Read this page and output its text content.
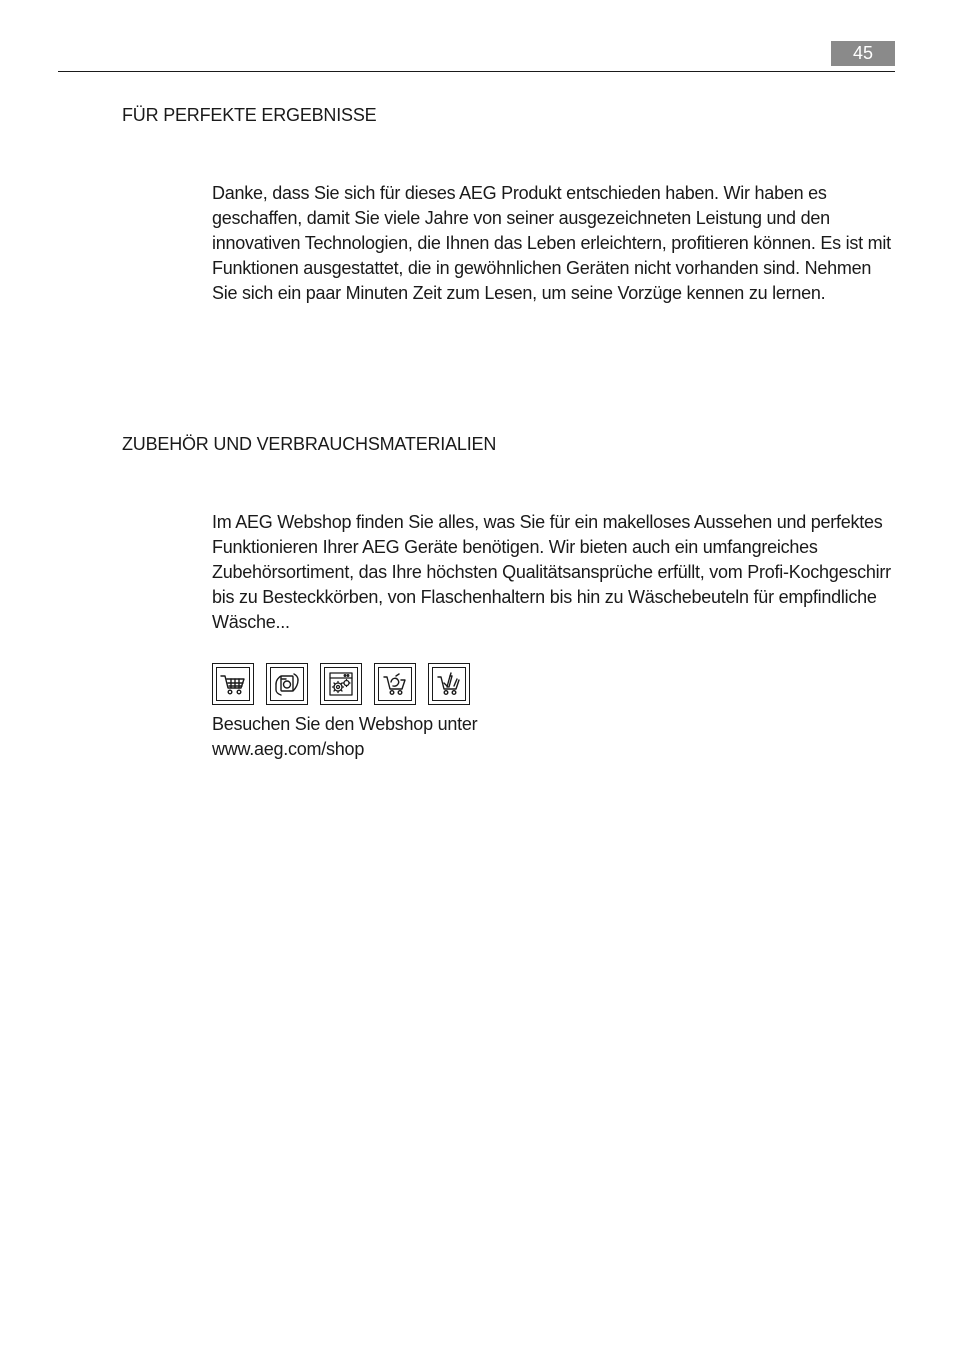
45
FÜR PERFEKTE ERGEBNISSE

Danke, dass Sie sich für dieses AEG Produkt entschieden haben. Wir haben es geschaffen, damit Sie viele Jahre von seiner ausgezeichneten Leistung und den innovativen Technologien, die Ihnen das Leben erleichtern, profitieren können. Es ist mit Funktionen ausgestattet, die in gewöhnlichen Geräten nicht vorhanden sind. Nehmen Sie sich ein paar Minuten Zeit zum Lesen, um seine Vorzüge kennen zu lernen.

ZUBEHÖR UND VERBRAUCHSMATERIALIEN

Im AEG Webshop finden Sie alles, was Sie für ein makelloses Aussehen und perfektes Funktionieren Ihrer AEG Geräte benötigen. Wir bieten auch ein umfangreiches Zubehörsortiment, das Ihre höchsten Qualitätsansprüche erfüllt, vom Profi-Kochgeschirr bis zu Besteckkörben, von Flaschenhaltern bis hin zu Wäschebeuteln für empfindliche Wäsche...

Besuchen Sie den Webshop unter
www.aeg.com/shop
